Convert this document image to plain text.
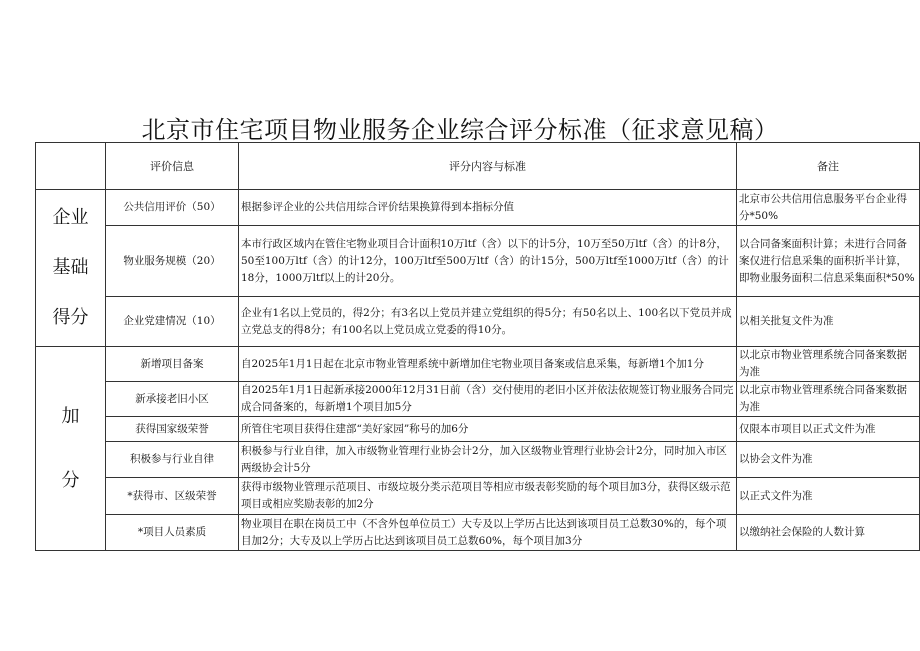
北京市住宅项目物业服务企业综合评分标准（征求意见稿）
	评价信息	评分内容与标准	备注

企业
基础
得分	公共信用评价（50）	根据参评企业的公共信用综合评价结果换算得到本指标分值	北京市公共信用信息服务平台企业得分*50%
	物业服务规模（20）	本市行政区域内在管住宅物业项目合计面积10万ltf（含）以下的计5分，10万至50万ltf（含）的计8分，50至100万ltf（含）的计12分，100万ltf至500万ltf（含）的计15分，500万ltf至1000万ltf（含）的计18分，1000万ltf以上的计20分。	以合同备案面积计算；未进行合同备案仅进行信息采集的面积折半计算，即物业服务面积二信息采集面积*50%
	企业党建情况（10）	企业有1名以上党员的，得2分；有3名以上党员并建立党组织的得5分；有50名以上、100名以下党员并成立党总支的得8分；有100名以上党员成立党委的得10分。	以相关批复文件为准

加
分	新增项目备案	自2025年1月1日起在北京市物业管理系统中新增加住宅物业项目备案或信息采集，每新增1个加1分	以北京市物业管理系统合同备案数据为准
	新承接老旧小区	自2025年1月1日起新承接2000年12月31日前（含）交付使用的老旧小区并依法依规签订物业服务合同完成合同备案的，每新增1个项目加5分	以北京市物业管理系统合同备案数据为准
	获得国家级荣誉	所管住宅项目获得住建部“美好家园”称号的加6分	仅限本市项目以正式文件为准
	积极参与行业自律	积极参与行业自律，加入市级物业管理行业协会计2分，加入区级物业管理行业协会计2分，同时加入市区两级协会计5分	以协会文件为准
	*获得市、区级荣誉	获得市级物业管理示范项目、市级垃圾分类示范项目等相应市级表彰奖励的每个项目加3分，获得区级示范项目或相应奖励表彰的加2分	以正式文件为准
	*项目人员素质	物业项目在职在岗员工中（不含外包单位员工）大专及以上学历占比达到该项目员工总数30%的，每个项目加2分；大专及以上学历占比达到该项目员工总数60%，每个项目加3分	以缴纳社会保险的人数计算
